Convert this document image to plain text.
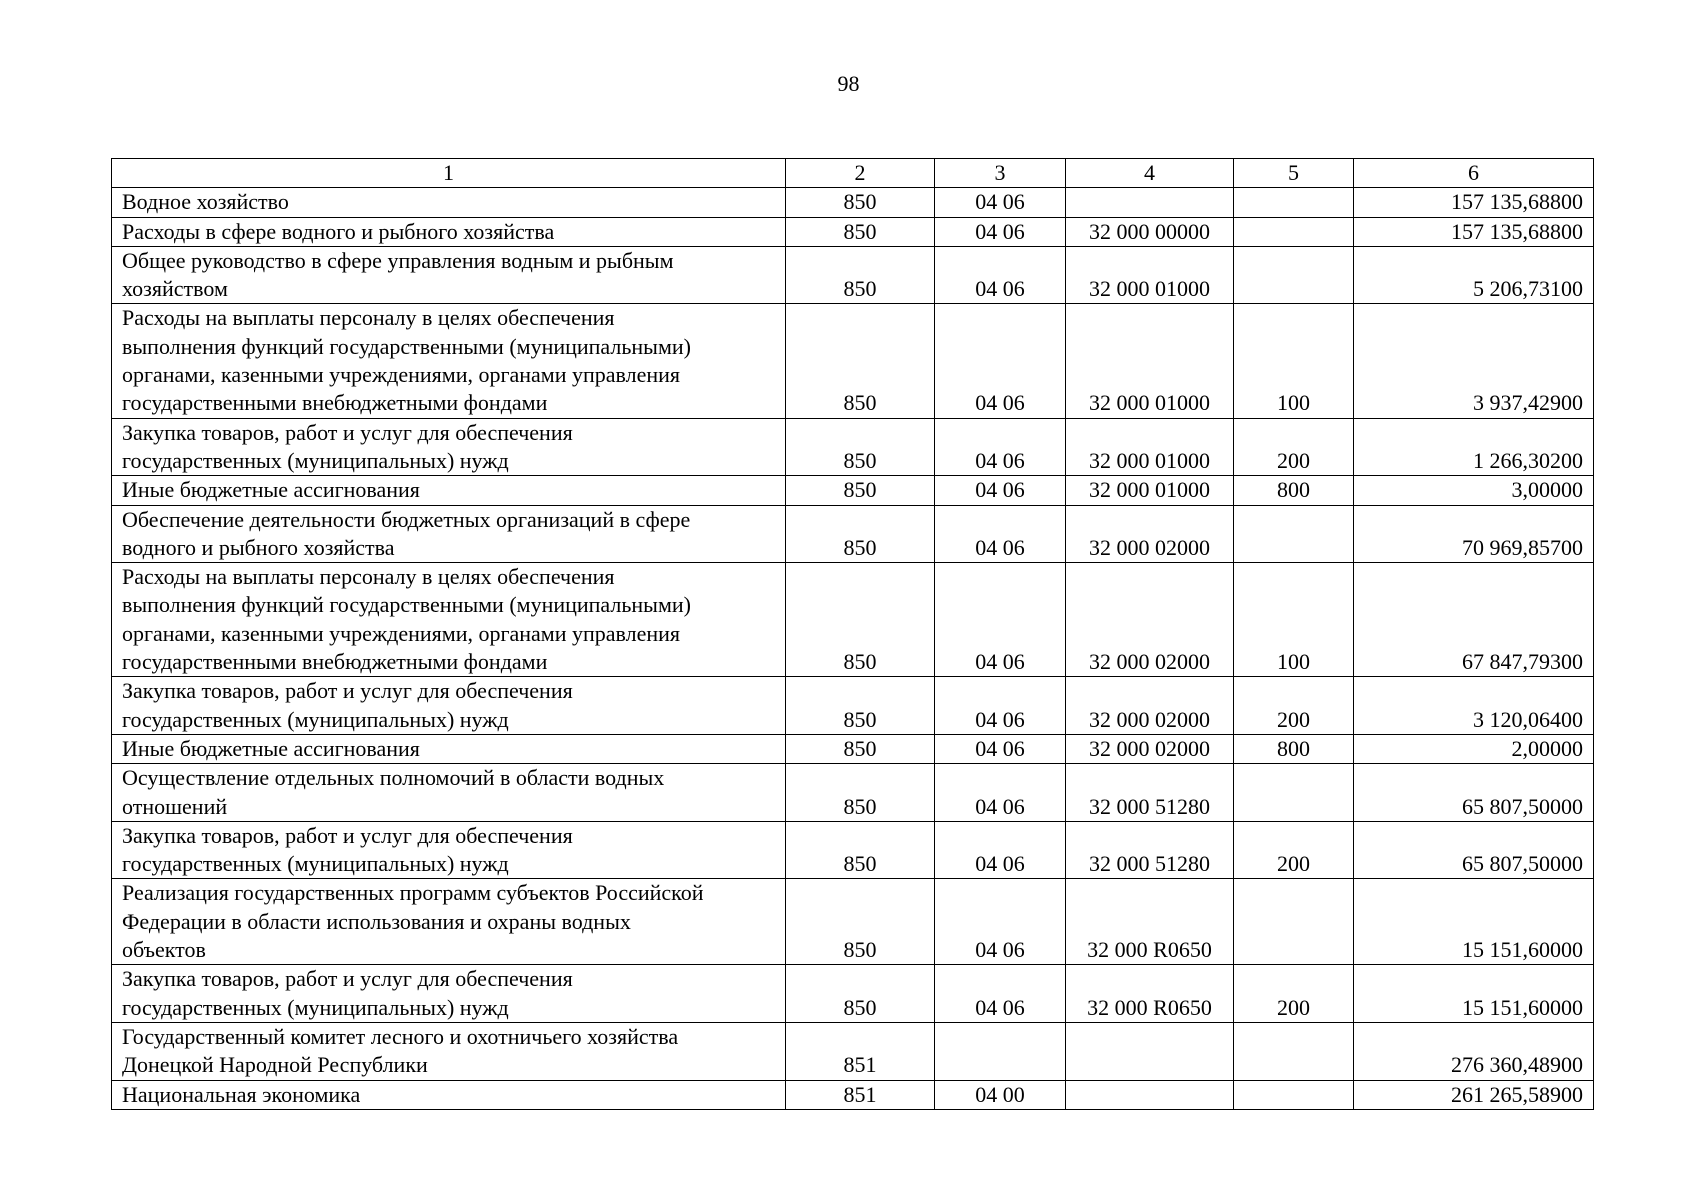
98
1	2	3	4	5	6

Водное хозяйство	850	04 06			157 135,68800

Расходы в сфере водного и рыбного хозяйства	850	04 06	32 000 00000		157 135,68800

Общее руководство в сфере управления водным и рыбным
хозяйством	850	04 06	32 000 01000		5 206,73100

Расходы на выплаты персоналу в целях обеспечения
выполнения функций государственными (муниципальными)
органами, казенными учреждениями, органами управления
государственными внебюджетными фондами	850	04 06	32 000 01000	100	3 937,42900

Закупка товаров, работ и услуг для обеспечения
государственных (муниципальных) нужд	850	04 06	32 000 01000	200	1 266,30200

Иные бюджетные ассигнования	850	04 06	32 000 01000	800	3,00000

Обеспечение деятельности бюджетных организаций в сфере
водного и рыбного хозяйства	850	04 06	32 000 02000		70 969,85700

Расходы на выплаты персоналу в целях обеспечения
выполнения функций государственными (муниципальными)
органами, казенными учреждениями, органами управления
государственными внебюджетными фондами	850	04 06	32 000 02000	100	67 847,79300

Закупка товаров, работ и услуг для обеспечения
государственных (муниципальных) нужд	850	04 06	32 000 02000	200	3 120,06400

Иные бюджетные ассигнования	850	04 06	32 000 02000	800	2,00000

Осуществление отдельных полномочий в области водных
отношений	850	04 06	32 000 51280		65 807,50000

Закупка товаров, работ и услуг для обеспечения
государственных (муниципальных) нужд	850	04 06	32 000 51280	200	65 807,50000

Реализация государственных программ субъектов Российской
Федерации в области использования и охраны водных
объектов	850	04 06	32 000 R0650		15 151,60000

Закупка товаров, работ и услуг для обеспечения
государственных (муниципальных) нужд	850	04 06	32 000 R0650	200	15 151,60000

Государственный комитет лесного и охотничьего хозяйства
Донецкой Народной Республики	851				276 360,48900

Национальная экономика	851	04 00			261 265,58900
